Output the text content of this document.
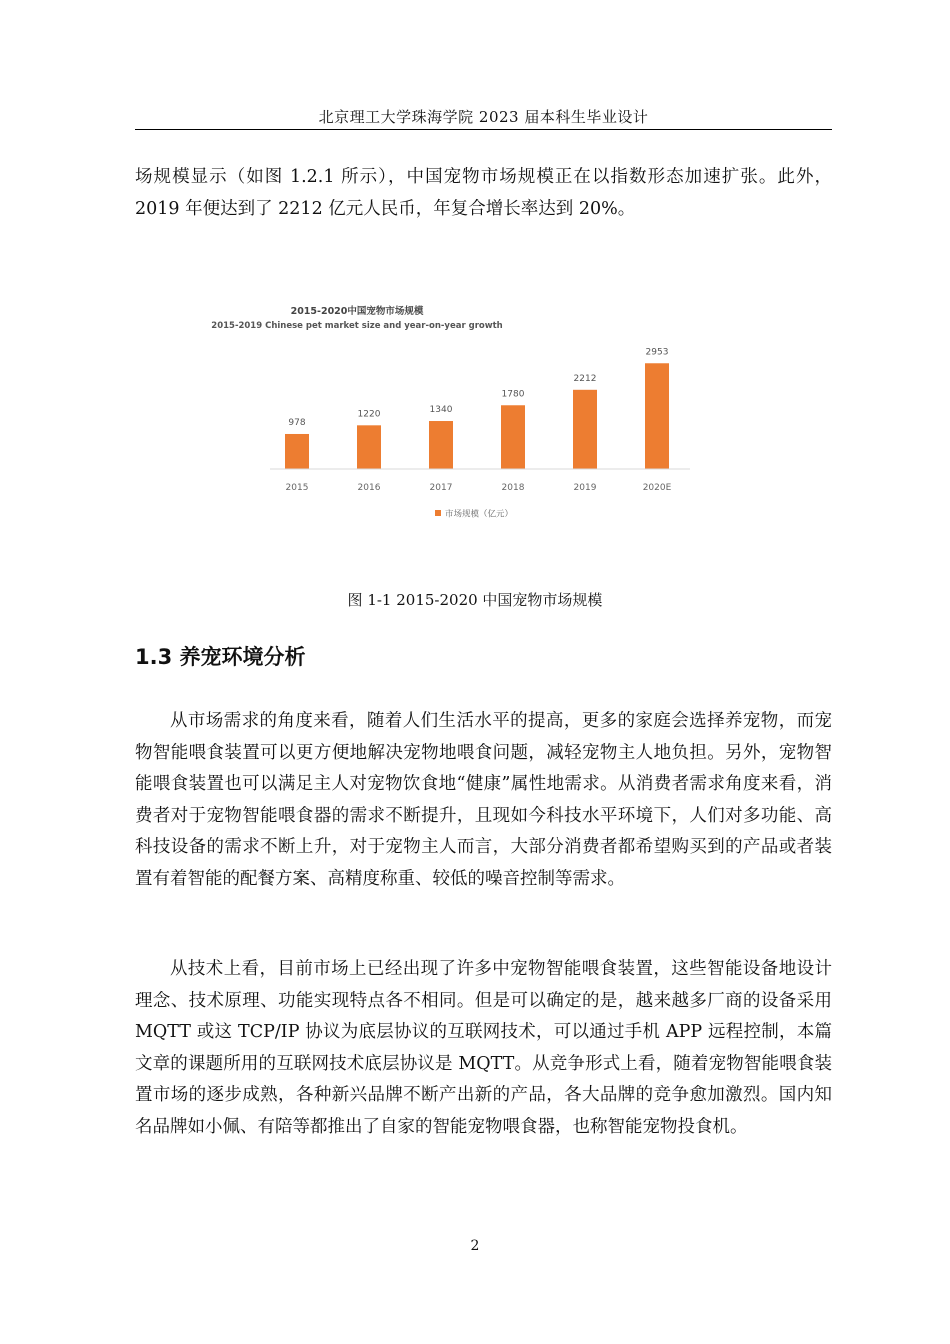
北京理工大学珠海学院 2023 届本科生毕业设计

场规模显示（如图 1.2.1 所示），中国宠物市场规模正在以指数形态加速扩张。此外，2019 年便达到了 2212 亿元人民币，年复合增长率达到 20%。

2015-2020中国宠物市场规模
2015-2019 Chinese pet market size and year-on-year growth
978
2015
1220
2016
1340
2017
1780
2018
2212
2019
2953
2020E
市场规模（亿元）
图 1-1 2015-2020 中国宠物市场规模
1.3 养宠环境分析

从市场需求的角度来看，随着人们生活水平的提高，更多的家庭会选择养宠物，而宠物智能喂食装置可以更方便地解决宠物地喂食问题，减轻宠物主人地负担。另外，宠物智能喂食装置也可以满足主人对宠物饮食地“健康”属性地需求。从消费者需求角度来看，消费者对于宠物智能喂食器的需求不断提升，且现如今科技水平环境下，人们对多功能、高科技设备的需求不断上升，对于宠物主人而言，大部分消费者都希望购买到的产品或者装置有着智能的配餐方案、高精度称重、较低的噪音控制等需求。

从技术上看，目前市场上已经出现了许多中宠物智能喂食装置，这些智能设备地设计理念、技术原理、功能实现特点各不相同。但是可以确定的是，越来越多厂商的设备采用 MQTT 或这 TCP/IP 协议为底层协议的互联网技术，可以通过手机 APP 远程控制，本篇文章的课题所用的互联网技术底层协议是 MQTT。从竞争形式上看，随着宠物智能喂食装置市场的逐步成熟，各种新兴品牌不断产出新的产品，各大品牌的竞争愈加激烈。国内知名品牌如小佩、有陪等都推出了自家的智能宠物喂食器，也称智能宠物投食机。

2
